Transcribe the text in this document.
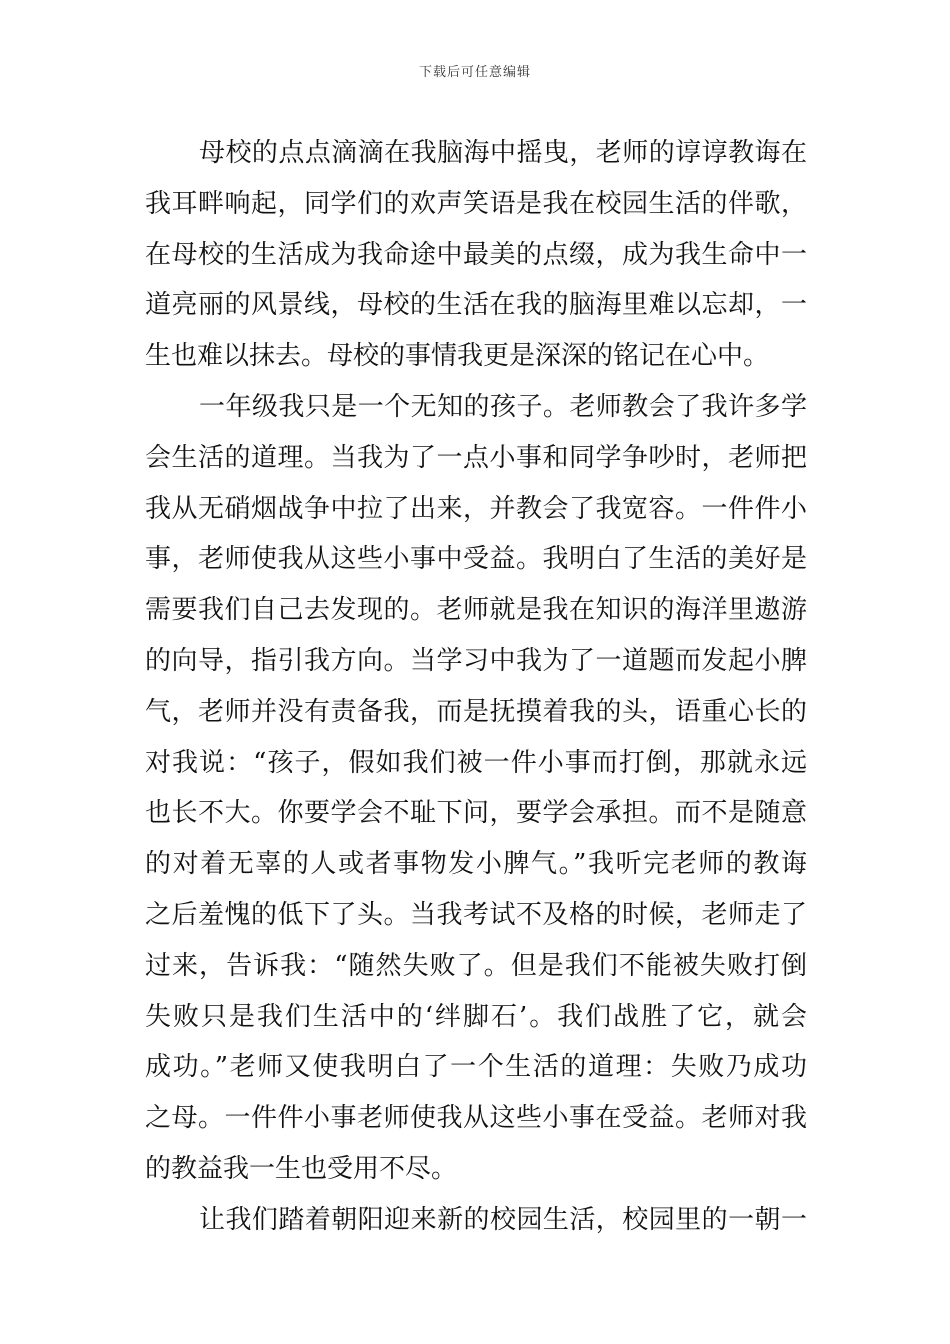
下载后可任意编辑
母校的点点滴滴在我脑海中摇曳，老师的谆谆教诲在
我耳畔响起，同学们的欢声笑语是我在校园生活的伴歌，
在母校的生活成为我命途中最美的点缀，成为我生命中一
道亮丽的风景线，母校的生活在我的脑海里难以忘却，一
生也难以抹去。母校的事情我更是深深的铭记在心中。
一年级我只是一个无知的孩子。老师教会了我许多学
会生活的道理。当我为了一点小事和同学争吵时，老师把
我从无硝烟战争中拉了出来，并教会了我宽容。一件件小
事，老师使我从这些小事中受益。我明白了生活的美好是
需要我们自己去发现的。老师就是我在知识的海洋里遨游
的向导，指引我方向。当学习中我为了一道题而发起小脾
气，老师并没有责备我，而是抚摸着我的头，语重心长的
对我说：“孩子，假如我们被一件小事而打倒，那就永远
也长不大。你要学会不耻下问，要学会承担。而不是随意
的对着无辜的人或者事物发小脾气。”我听完老师的教诲
之后羞愧的低下了头。当我考试不及格的时候，老师走了
过来，告诉我：“随然失败了。但是我们不能被失败打倒
失败只是我们生活中的‘绊脚石’。我们战胜了它，就会
成功。”老师又使我明白了一个生活的道理：失败乃成功
之母。一件件小事老师使我从这些小事在受益。老师对我
的教益我一生也受用不尽。
让我们踏着朝阳迎来新的校园生活，校园里的一朝一
